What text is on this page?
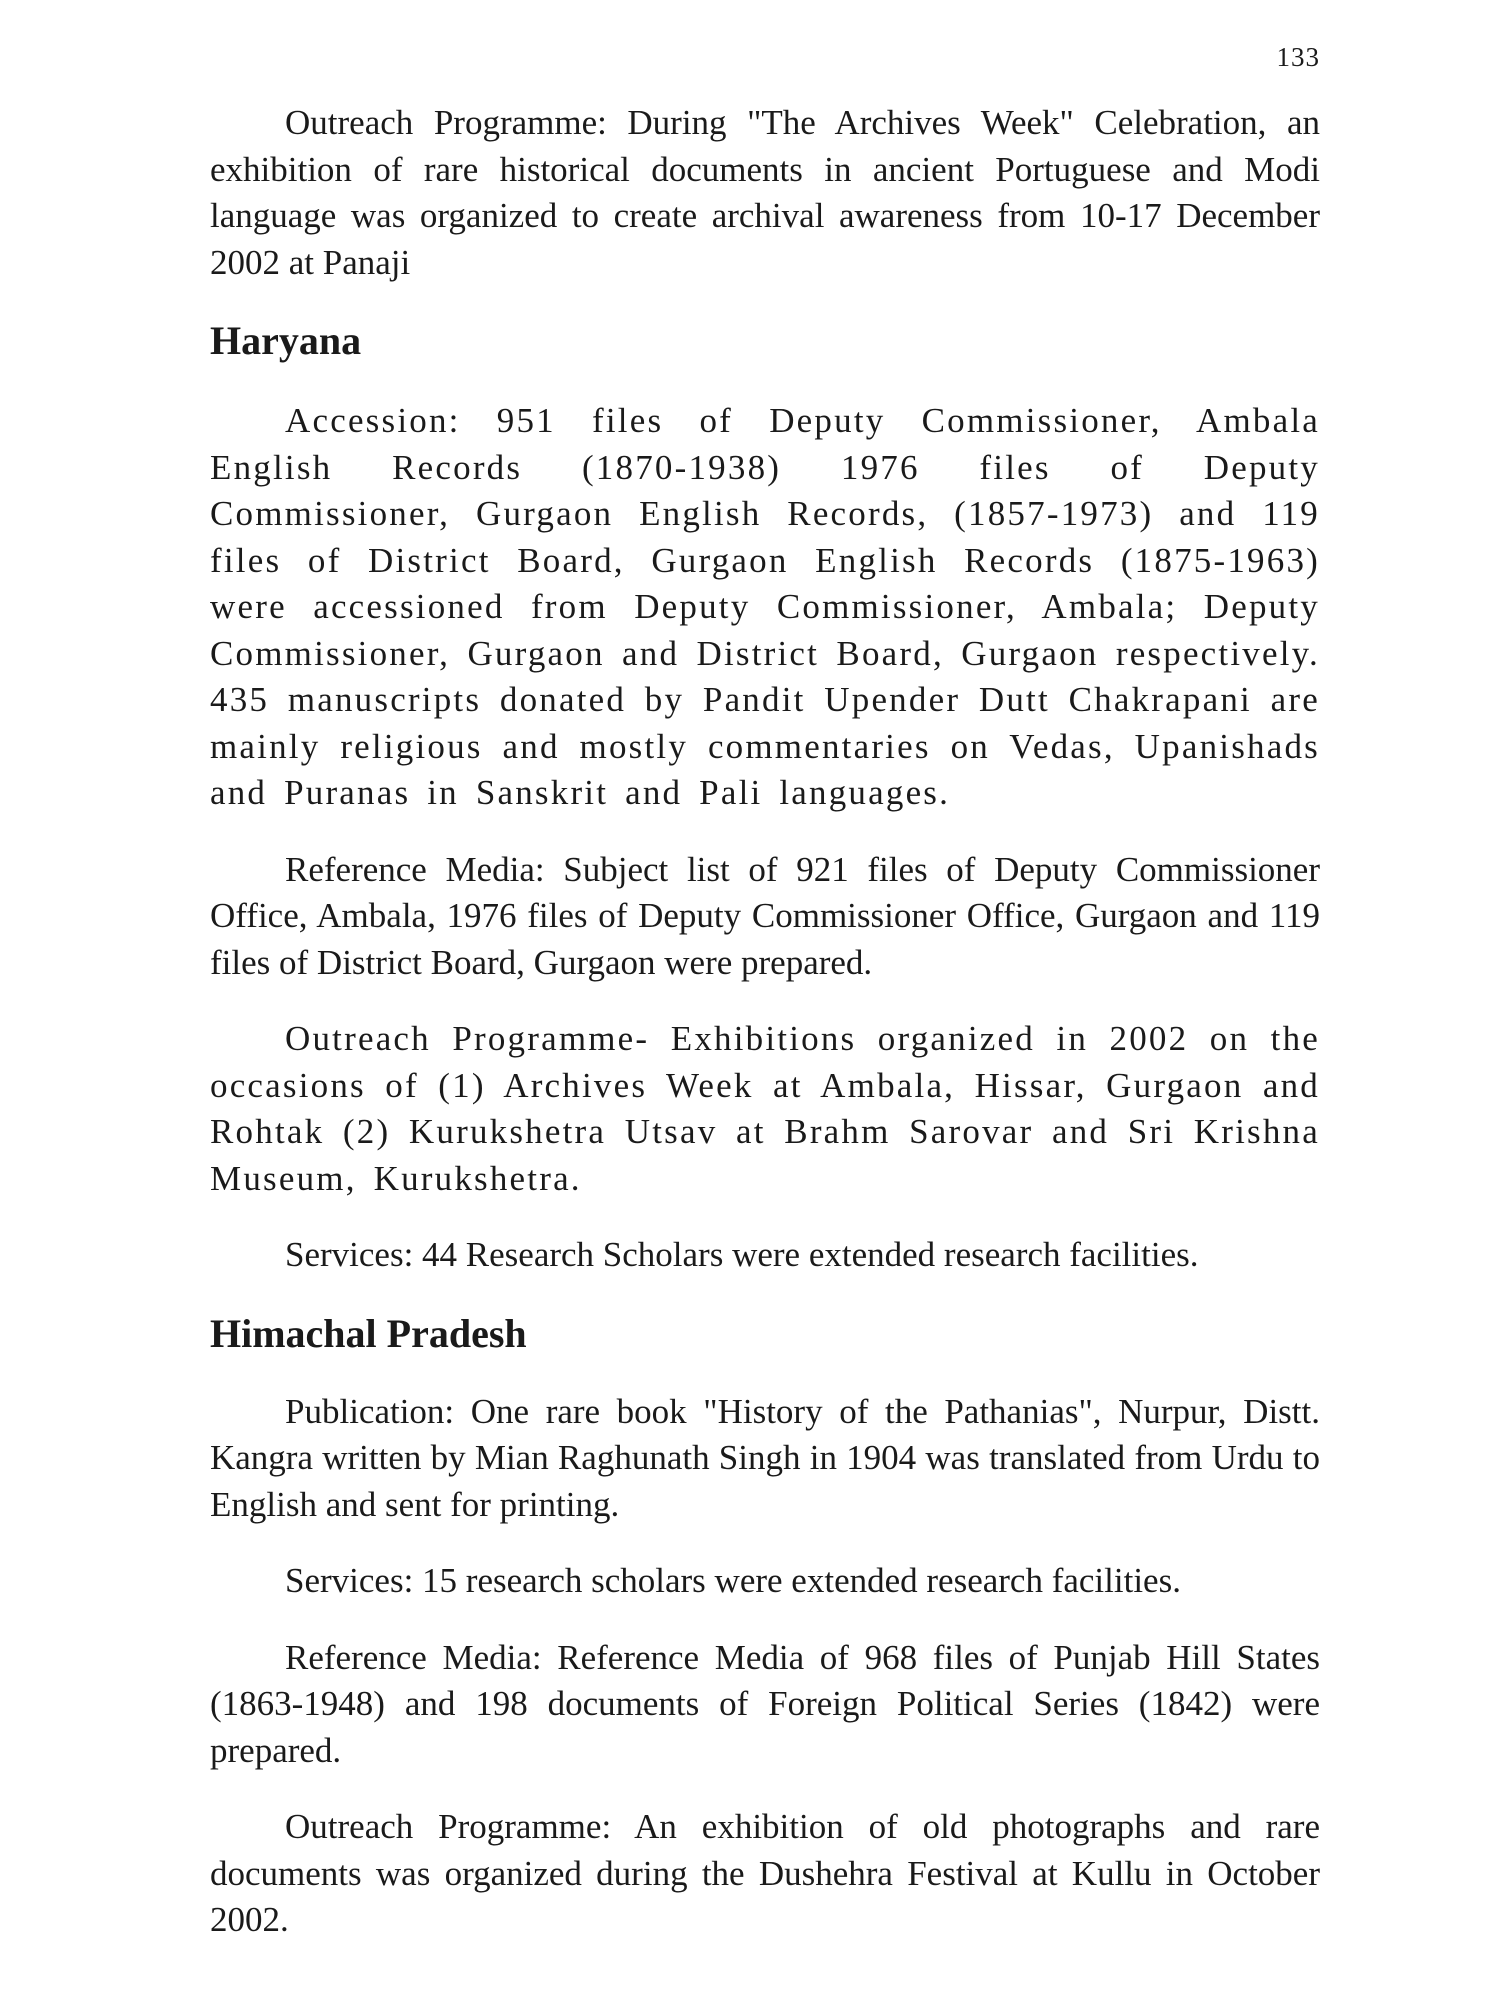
133

Outreach Programme: During "The Archives Week" Celebration, an exhibition of rare historical documents in ancient Portuguese and Modi language was organized to create archival awareness from 10-17 December 2002 at Panaji

Haryana

Accession: 951 files of Deputy Commissioner, Ambala English Records (1870-1938) 1976 files of Deputy Commissioner, Gurgaon English Records, (1857-1973) and 119 files of District Board, Gurgaon English Records (1875-1963) were accessioned from Deputy Commissioner, Ambala; Deputy Commissioner, Gurgaon and District Board, Gurgaon respectively. 435 manuscripts donated by Pandit Upender Dutt Chakrapani are mainly religious and mostly commentaries on Vedas, Upanishads and Puranas in Sanskrit and Pali languages.

Reference Media: Subject list of 921 files of Deputy Commissioner Office, Ambala, 1976 files of Deputy Commissioner Office, Gurgaon and 119 files of District Board, Gurgaon were prepared.

Outreach Programme- Exhibitions organized in 2002 on the occasions of (1) Archives Week at Ambala, Hissar, Gurgaon and Rohtak (2) Kurukshetra Utsav at Brahm Sarovar and Sri Krishna Museum, Kurukshetra.

Services: 44 Research Scholars were extended research facilities.

Himachal Pradesh

Publication: One rare book "History of the Pathanias", Nurpur, Distt. Kangra written by Mian Raghunath Singh in 1904 was translated from Urdu to English and sent for printing.

Services: 15 research scholars were extended research facilities.

Reference Media: Reference Media of 968 files of Punjab Hill States (1863-1948) and 198 documents of Foreign Political Series (1842) were prepared.

Outreach Programme: An exhibition of old photographs and rare documents was organized during the Dushehra Festival at Kullu in October 2002.
